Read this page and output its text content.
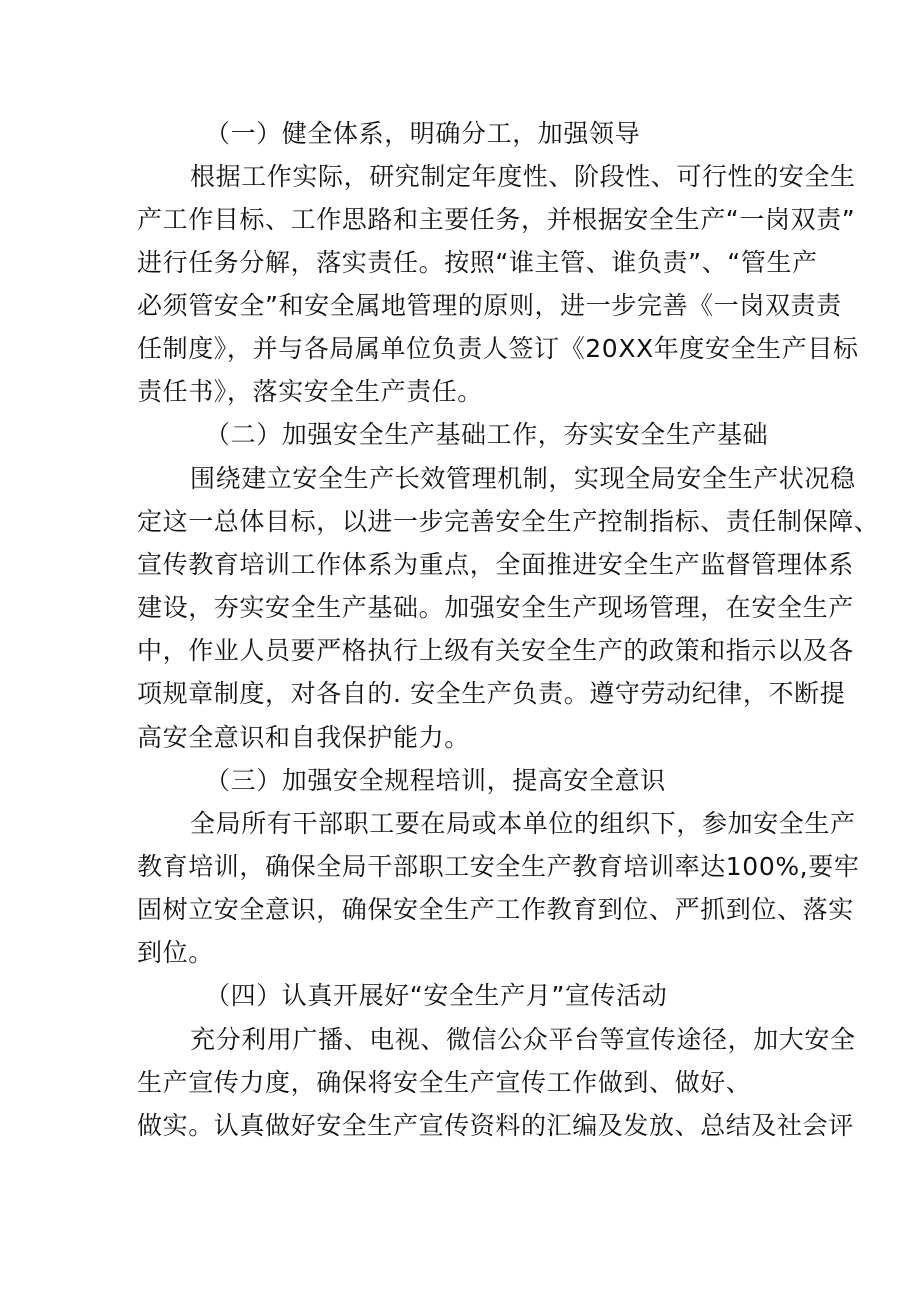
（一）健全体系，明确分工，加强领导
根据工作实际，研究制定年度性、阶段性、可行性的安全生
产工作目标、工作思路和主要任务，并根据安全生产“一岗双责”
进行任务分解，落实责任。按照“谁主管、谁负责”、“管生产
必须管安全”和安全属地管理的原则，进一步完善《一岗双责责
任制度》，并与各局属单位负责人签订《20XX年度安全生产目标
责任书》，落实安全生产责任。
（二）加强安全生产基础工作，夯实安全生产基础
围绕建立安全生产长效管理机制，实现全局安全生产状况稳
定这一总体目标，以进一步完善安全生产控制指标、责任制保障、
宣传教育培训工作体系为重点，全面推进安全生产监督管理体系
建设，夯实安全生产基础。加强安全生产现场管理，在安全生产
中，作业人员要严格执行上级有关安全生产的政策和指示以及各
项规章制度，对各自的. 安全生产负责。遵守劳动纪律，不断提
高安全意识和自我保护能力。
（三）加强安全规程培训，提高安全意识
全局所有干部职工要在局或本单位的组织下，参加安全生产
教育培训，确保全局干部职工安全生产教育培训率达100%,要牢
固树立安全意识，确保安全生产工作教育到位、严抓到位、落实
到位。
（四）认真开展好“安全生产月”宣传活动
充分利用广播、电视、微信公众平台等宣传途径，加大安全
生产宣传力度，确保将安全生产宣传工作做到、做好、
做实。认真做好安全生产宣传资料的汇编及发放、总结及社会评
